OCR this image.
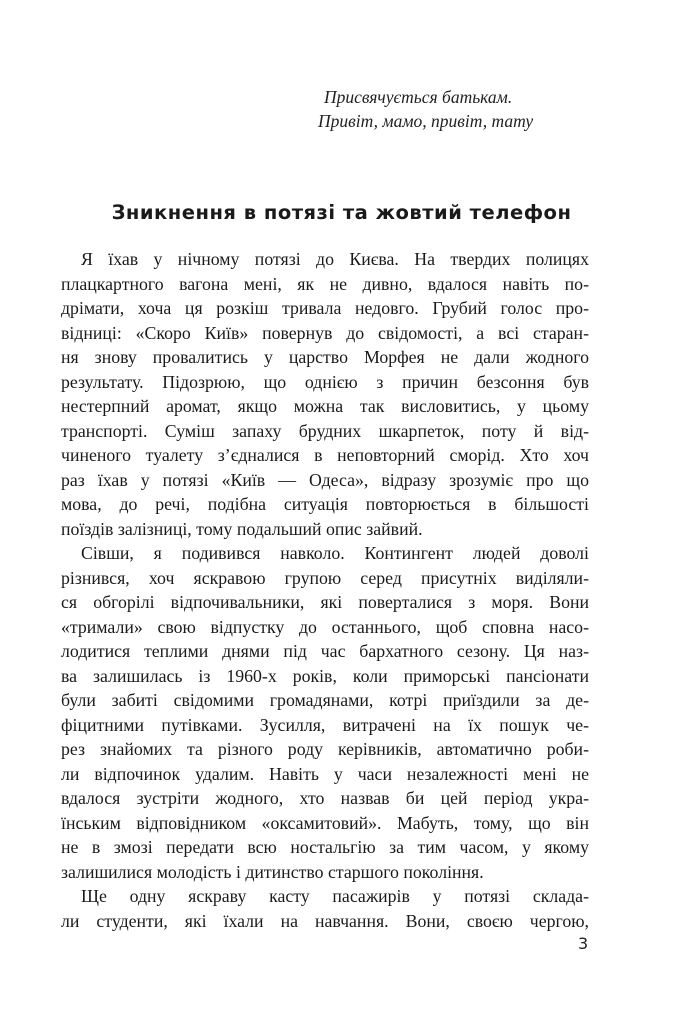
Присвячується батькам.
Привіт, мамо, привіт, тату
Зникнення в потязі та жовтий телефон
Я їхав у нічному потязі до Києва. На твердих полицях
плацкартного вагона мені, як не дивно, вдалося навіть по-
дрімати, хоча ця розкіш тривала недовго. Грубий голос про-
відниці: «Скоро Київ» повернув до свідомості, а всі старан-
ня знову провалитись у царство Морфея не дали жодного
результату. Підозрюю, що однією з причин безсоння був
нестерпний аромат, якщо можна так висловитись, у цьому
транспорті. Суміш запаху брудних шкарпеток, поту й від-
чиненого туалету з’єдналися в неповторний сморід. Хто хоч
раз їхав у потязі «Київ — Одеса», відразу зрозуміє про що
мова, до речі, подібна ситуація повторюється в більшості
поїздів залізниці, тому подальший опис зайвий.
Сівши, я подивився навколо. Контингент людей доволі
різнився, хоч яскравою групою серед присутніх виділяли-
ся обгорілі відпочивальники, які поверталися з моря. Вони
«тримали» свою відпустку до останнього, щоб сповна насо-
лодитися теплими днями під час бархатного сезону. Ця наз-
ва залишилась із 1960-х років, коли приморські пансіонати
були забиті свідомими громадянами, котрі приїздили за де-
фіцитними путівками. Зусилля, витрачені на їх пошук че-
рез знайомих та різного роду керівників, автоматично роби-
ли відпочинок удалим. Навіть у часи незалежності мені не
вдалося зустріти жодного, хто назвав би цей період укра-
їнським відповідником «оксамитовий». Мабуть, тому, що він
не в змозі передати всю ностальгію за тим часом, у якому
залишилися молодість і дитинство старшого покоління.
Ще одну яскраву касту пасажирів у потязі склада-
ли студенти, які їхали на навчання. Вони, своєю чергою,
3
